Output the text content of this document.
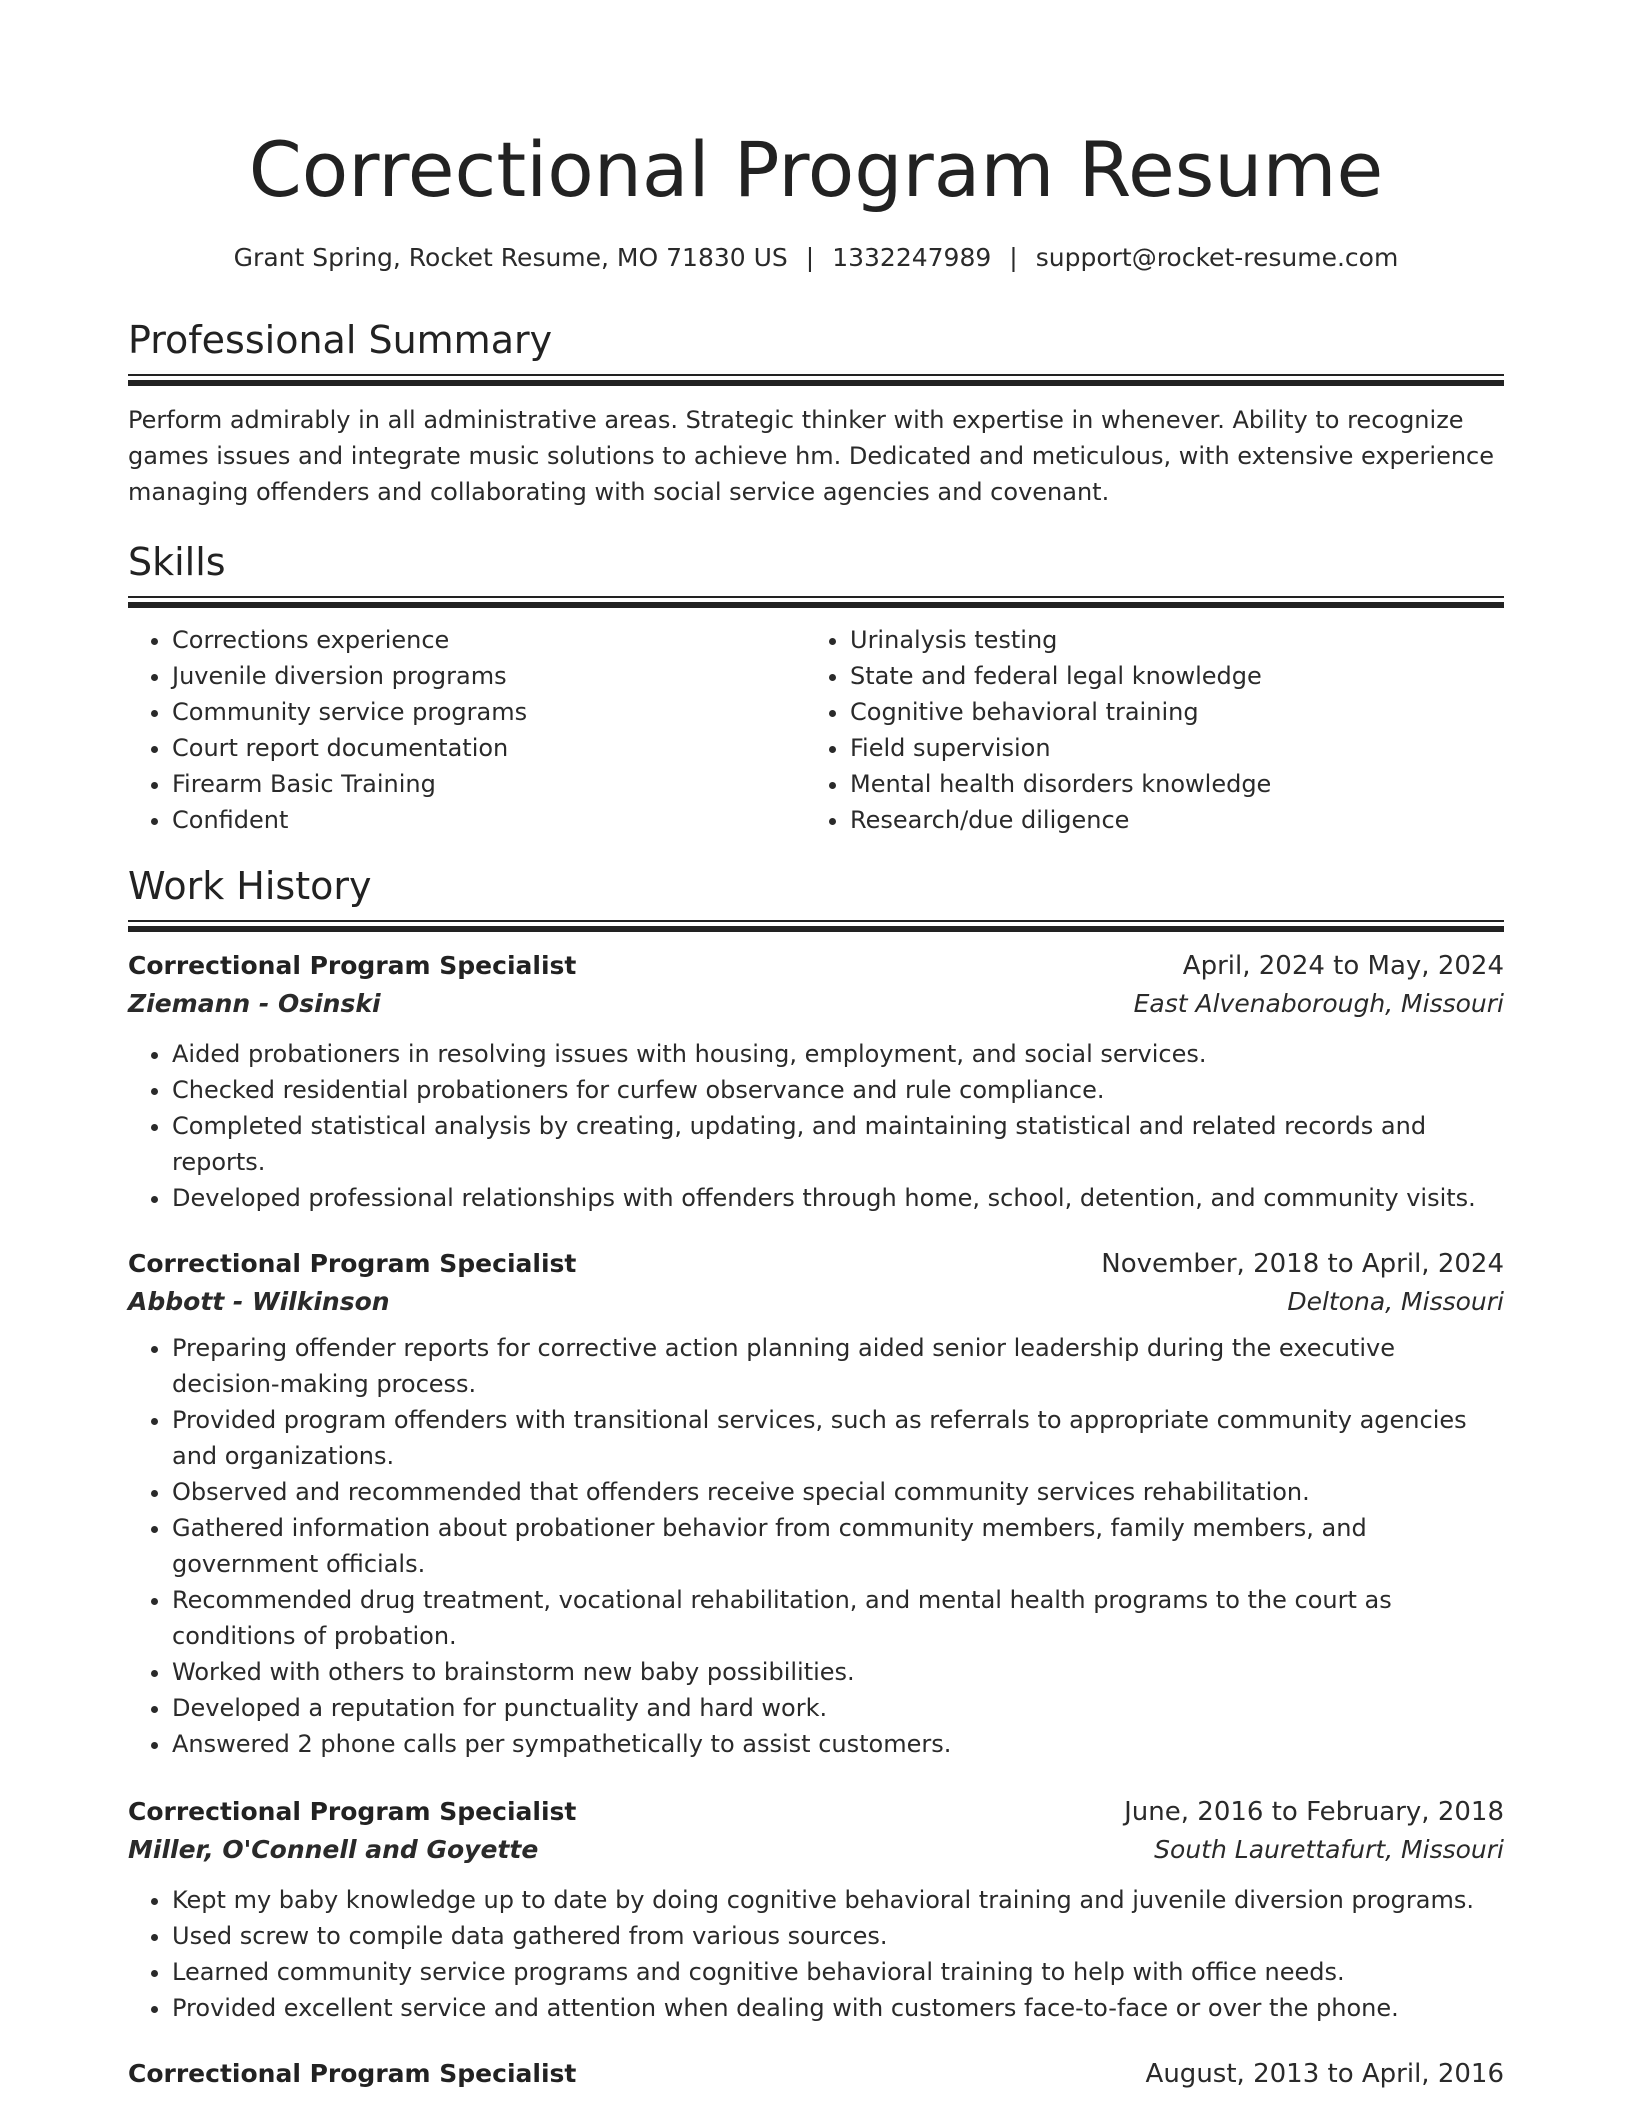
Correctional Program Resume
Grant Spring, Rocket Resume, MO 71830 US | 1332247989 | support@rocket-resume.com
Professional Summary

Perform admirably in all administrative areas. Strategic thinker with expertise in whenever. Ability to recognize games issues and integrate music solutions to achieve hm. Dedicated and meticulous, with extensive experience managing offenders and collaborating with social service agencies and covenant.

Skills
• Corrections experience
• Juvenile diversion programs
• Community service programs
• Court report documentation
• Firearm Basic Training
• Confident
• Urinalysis testing
• State and federal legal knowledge
• Cognitive behavioral training
• Field supervision
• Mental health disorders knowledge
• Research/due diligence
Work History
Correctional Program Specialist	April, 2024 to May, 2024
Ziemann - Osinski	East Alvenaborough, Missouri
• Aided probationers in resolving issues with housing, employment, and social services.
• Checked residential probationers for curfew observance and rule compliance.
• Completed statistical analysis by creating, updating, and maintaining statistical and related records and reports.
• Developed professional relationships with offenders through home, school, detention, and community visits.
Correctional Program Specialist	November, 2018 to April, 2024
Abbott - Wilkinson	Deltona, Missouri
• Preparing offender reports for corrective action planning aided senior leadership during the executive decision-making process.
• Provided program offenders with transitional services, such as referrals to appropriate community agencies and organizations.
• Observed and recommended that offenders receive special community services rehabilitation.
• Gathered information about probationer behavior from community members, family members, and government officials.
• Recommended drug treatment, vocational rehabilitation, and mental health programs to the court as conditions of probation.
• Worked with others to brainstorm new baby possibilities.
• Developed a reputation for punctuality and hard work.
• Answered 2 phone calls per sympathetically to assist customers.
Correctional Program Specialist	June, 2016 to February, 2018
Miller, O'Connell and Goyette	South Laurettafurt, Missouri
• Kept my baby knowledge up to date by doing cognitive behavioral training and juvenile diversion programs.
• Used screw to compile data gathered from various sources.
• Learned community service programs and cognitive behavioral training to help with office needs.
• Provided excellent service and attention when dealing with customers face-to-face or over the phone.
Correctional Program Specialist	August, 2013 to April, 2016
